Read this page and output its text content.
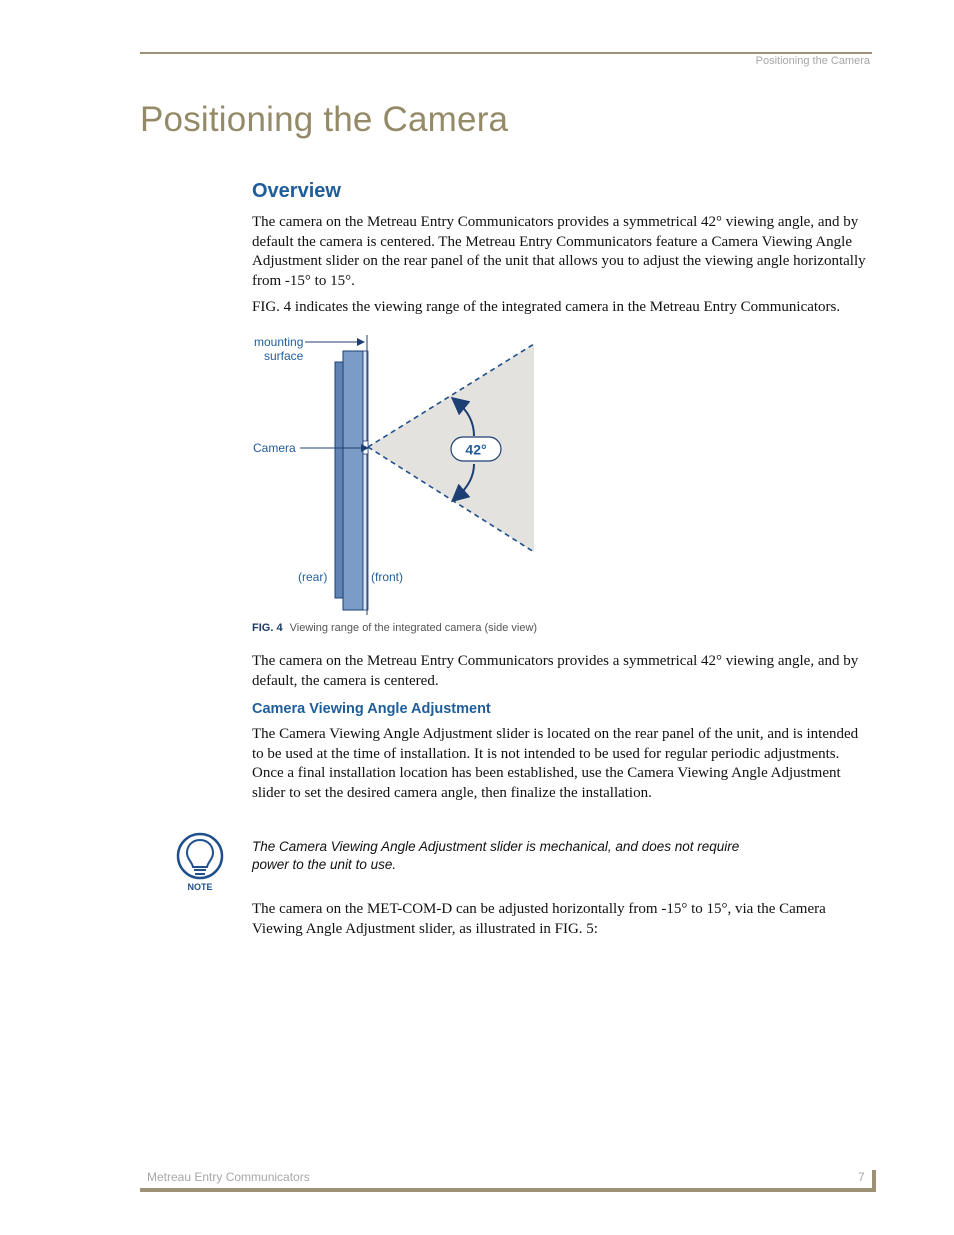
Positioning the Camera
Positioning the Camera
Overview

The camera on the Metreau Entry Communicators provides a symmetrical 42° viewing angle, and by default the camera is centered. The Metreau Entry Communicators feature a Camera Viewing Angle Adjustment slider on the rear panel of the unit that allows you to adjust the viewing angle horizontally from -15° to 15°.

FIG. 4 indicates the viewing range of the integrated camera in the Metreau Entry Communicators.

mounting
surface
Camera
(rear)	(front)
42°
FIG. 4 Viewing range of the integrated camera (side view)

The camera on the Metreau Entry Communicators provides a symmetrical 42° viewing angle, and by default, the camera is centered.

Camera Viewing Angle Adjustment

The Camera Viewing Angle Adjustment slider is located on the rear panel of the unit, and is intended to be used at the time of installation. It is not intended to be used for regular periodic adjustments. Once a final installation location has been established, use the Camera Viewing Angle Adjustment slider to set the desired camera angle, then finalize the installation.

NOTE

The Camera Viewing Angle Adjustment slider is mechanical, and does not require power to the unit to use.

The camera on the MET-COM-D can be adjusted horizontally from -15° to 15°, via the Camera Viewing Angle Adjustment slider, as illustrated in FIG. 5:

Metreau Entry Communicators	7
